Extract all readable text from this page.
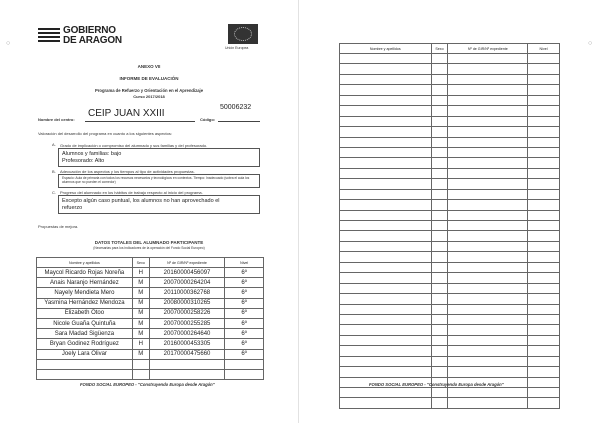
○
GOBIERNO
DE ARAGON
Unión Europea
ANEXO VII
INFORME DE EVALUACIÓN
Programa de Refuerzo y Orientación en el Aprendizaje
Curso 2017/2018
Nombre del centro:
CEIP JUAN XXIII
Código:
50006232
Valoración del desarrollo del programa en cuanto a los siguientes aspectos:
A. Grado de implicación o compromiso del alumnado y sus familias y del profesorado.
Alumnos y familias: bajo
Profesorado: Alto
B. Adecuación de los aspectos y los tiempos al tipo de actividades propuestas.
Espacio: Aula de primaria con todos los recursos necesarios y tecnológicos en contextos. Tiempo: Inadecuado (sobra el aula los alumnos que no pueden el comedor)
C. Progreso del alumnado en los hábitos de trabajo respecto al inicio del programa.
Excepto algún caso puntual, los alumnos no han aprovechado el
refuerzo
Propuestas de mejora.
DATOS TOTALES DEL ALUMNADO PARTICIPANTE
(Necesarias para los indicadores de la operación del Fondo Social Europeo)
Nombre y apellidos	Sexo	Nº de GIR/Nº expediente	Nivel
Maycol Ricardo Rojas Noreña	H	20160000456097	6º
Anais Naranjo Hernández	M	20070000264204	6º
Nayely Mendieta Mero	M	20110000362768	6º
Yasmina Hernández Mendoza	M	20080000310265	6º
Elizabeth Otoo	M	20070000258226	6º
Nicole Guaña Quintuña	M	20070000255285	6º
Sara Madad Sigüenza	M	20070000264640	6º
Bryan Godinez Rodríguez	H	20160000453305	6º
Joely Lara Olivar	M	20170000475660	6º

FONDO SOCIAL EUROPEO - "Construyendo Europa desde Aragón"
○
Nombre y apellidos	Sexo	Nº de GIR/Nº expediente	Nivel

FONDO SOCIAL EUROPEO - "Construyendo Europa desde Aragón"
